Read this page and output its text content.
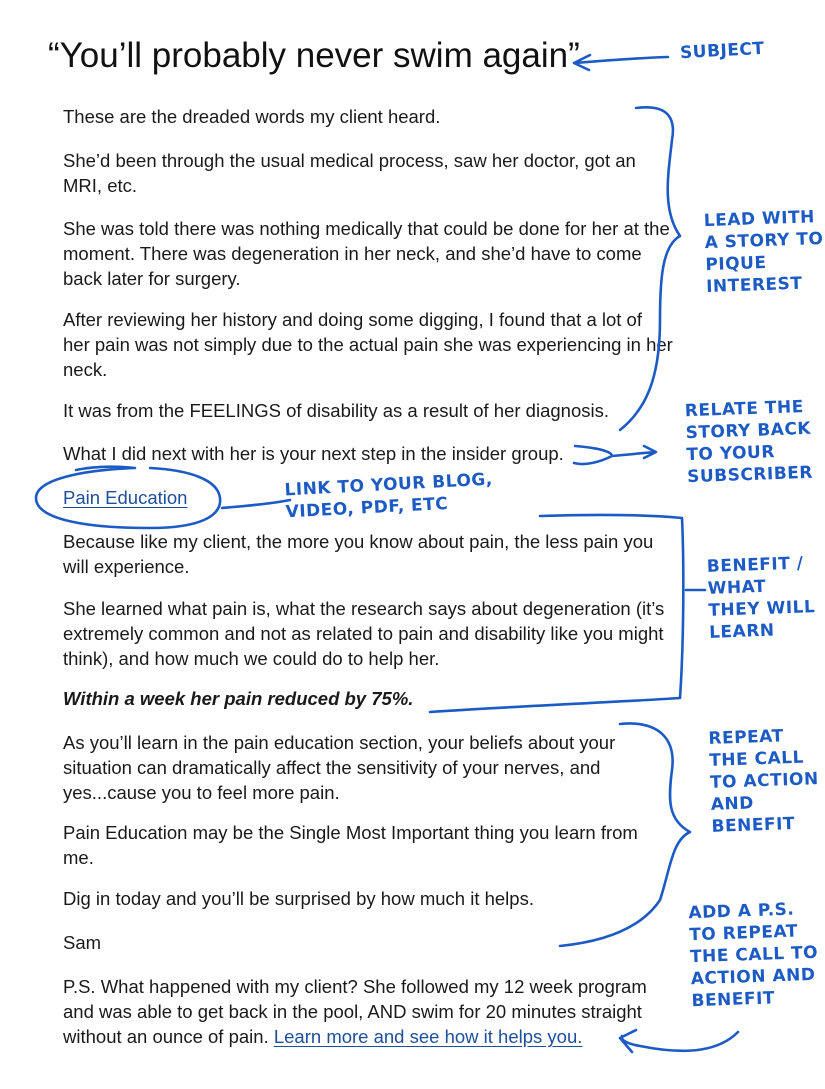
“You’ll probably never swim again”

These are the dreaded words my client heard.

She’d been through the usual medical process, saw her doctor, got an MRI, etc.

She was told there was nothing medically that could be done for her at the moment. There was degeneration in her neck, and she’d have to come back later for surgery.

After reviewing her history and doing some digging, I found that a lot of her pain was not simply due to the actual pain she was experiencing in her neck.

It was from the FEELINGS of disability as a result of her diagnosis.

What I did next with her is your next step in the insider group.

Pain Education

Because like my client, the more you know about pain, the less pain you will experience.

She learned what pain is, what the research says about degeneration (it’s extremely common and not as related to pain and disability like you might think), and how much we could do to help her.

Within a week her pain reduced by 75%.

As you’ll learn in the pain education section, your beliefs about your situation can dramatically affect the sensitivity of your nerves, and yes...cause you to feel more pain.

Pain Education may be the Single Most Important thing you learn from me.

Dig in today and you’ll be surprised by how much it helps.

Sam

P.S. What happened with my client? She followed my 12 week program and was able to get back in the pool, AND swim for 20 minutes straight without an ounce of pain. Learn more and see how it helps you.

SUBJECT
LEAD WITH
A STORY TO
PIQUE
INTEREST
RELATE THE
STORY BACK
TO YOUR
SUBSCRIBER
LINK TO YOUR BLOG,
VIDEO, PDF, ETC
BENEFIT /
WHAT
THEY WILL
LEARN
REPEAT
THE CALL
TO ACTION
AND
BENEFIT
ADD A P.S.
TO REPEAT
THE CALL TO
ACTION AND
BENEFIT
